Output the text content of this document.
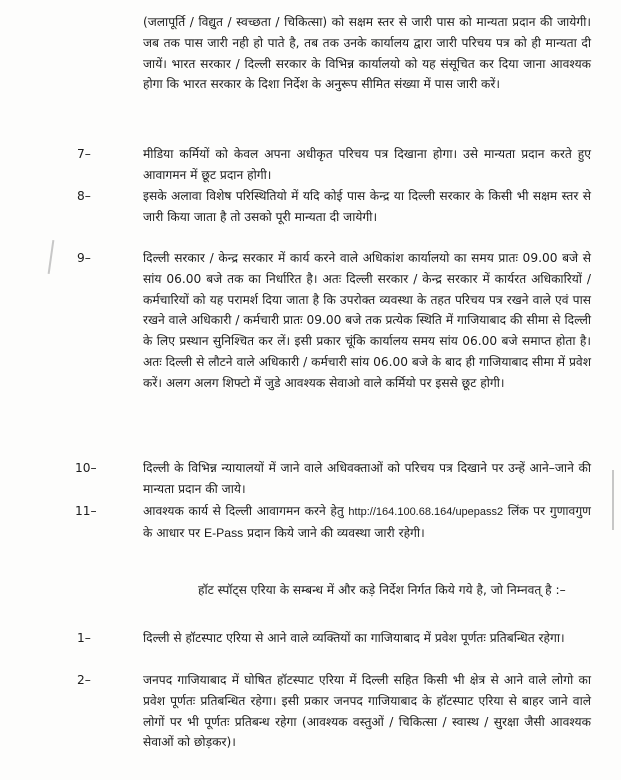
(जलापूर्ति / विद्युत / स्वच्छता / चिकित्सा) को सक्षम स्तर से जारी पास को मान्यता प्रदान की जायेगी। जब तक पास जारी नही हो पाते है, तब तक उनके कार्यालय द्वारा जारी परिचय पत्र को ही मान्यता दी जायें। भारत सरकार / दिल्ली सरकार के विभिन्न कार्यालयो को यह संसूचित कर दिया जाना आवश्यक होगा कि भारत सरकार के दिशा निर्देश के अनुरूप सीमित संख्या में पास जारी करें।

7–	मीडिया कर्मियों को केवल अपना अधीकृत परिचय पत्र दिखाना होगा। उसे मान्यता प्रदान करते हुए आवागमन में छूट प्रदान होगी।

8–	इसके अलावा विशेष परिस्थितियो में यदि कोई पास केन्द्र या दिल्ली सरकार के किसी भी सक्षम स्तर से जारी किया जाता है तो उसको पूरी मान्यता दी जायेगी।

9–	दिल्ली सरकार / केन्द्र सरकार में कार्य करने वाले अधिकांश कार्यालयो का समय प्रातः 09.00 बजे से सांय 06.00 बजे तक का निर्धारित है। अतः दिल्ली सरकार / केन्द्र सरकार में कार्यरत अधिकारियों / कर्मचारियों को यह परामर्श दिया जाता है कि उपरोक्त व्यवस्था के तहत परिचय पत्र रखने वाले एवं पास रखने वाले अधिकारी / कर्मचारी प्रातः 09.00 बजे तक प्रत्येक स्थिति में गाजियाबाद की सीमा से दिल्ली के लिए प्रस्थान सुनिश्चित कर लें। इसी प्रकार चूंकि कार्यालय समय सांय 06.00 बजे समाप्त होता है। अतः दिल्ली से लौटने वाले अधिकारी / कर्मचारी सांय 06.00 बजे के बाद ही गाजियाबाद सीमा में प्रवेश करें। अलग अलग शिफ्टो में जुडे आवश्यक सेवाओ वाले कर्मियो पर इससे छूट होगी।

10–	दिल्ली के विभिन्न न्यायालयों में जाने वाले अधिवक्ताओं को परिचय पत्र दिखाने पर उन्हें आने–जाने की मान्यता प्रदान की जाये।

11–	आवश्यक कार्य से दिल्ली आवागमन करने हेतु http://164.100.68.164/upepass2 लिंक पर गुणावगुण के आधार पर E-Pass प्रदान किये जाने की व्यवस्था जारी रहेगी।

हॉट स्पॉट्स एरिया के सम्बन्ध में और कड़े निर्देश निर्गत किये गये है, जो निम्नवत् है :–

1–	दिल्ली से हॉटस्पाट एरिया से आने वाले व्यक्तियों का गाजियाबाद में प्रवेश पूर्णतः प्रतिबन्धित रहेगा।

2–	जनपद गाजियाबाद में घोषित हॉटस्पाट एरिया में दिल्ली सहित किसी भी क्षेत्र से आने वाले लोगो का प्रवेश पूर्णतः प्रतिबन्धित रहेगा। इसी प्रकार जनपद गाजियाबाद के हॉटस्पाट एरिया से बाहर जाने वाले लोगों पर भी पूर्णतः प्रतिबन्ध रहेगा (आवश्यक वस्तुओं / चिकित्सा / स्वास्थ / सुरक्षा जैसी आवश्यक सेवाओं को छोड़कर)।
